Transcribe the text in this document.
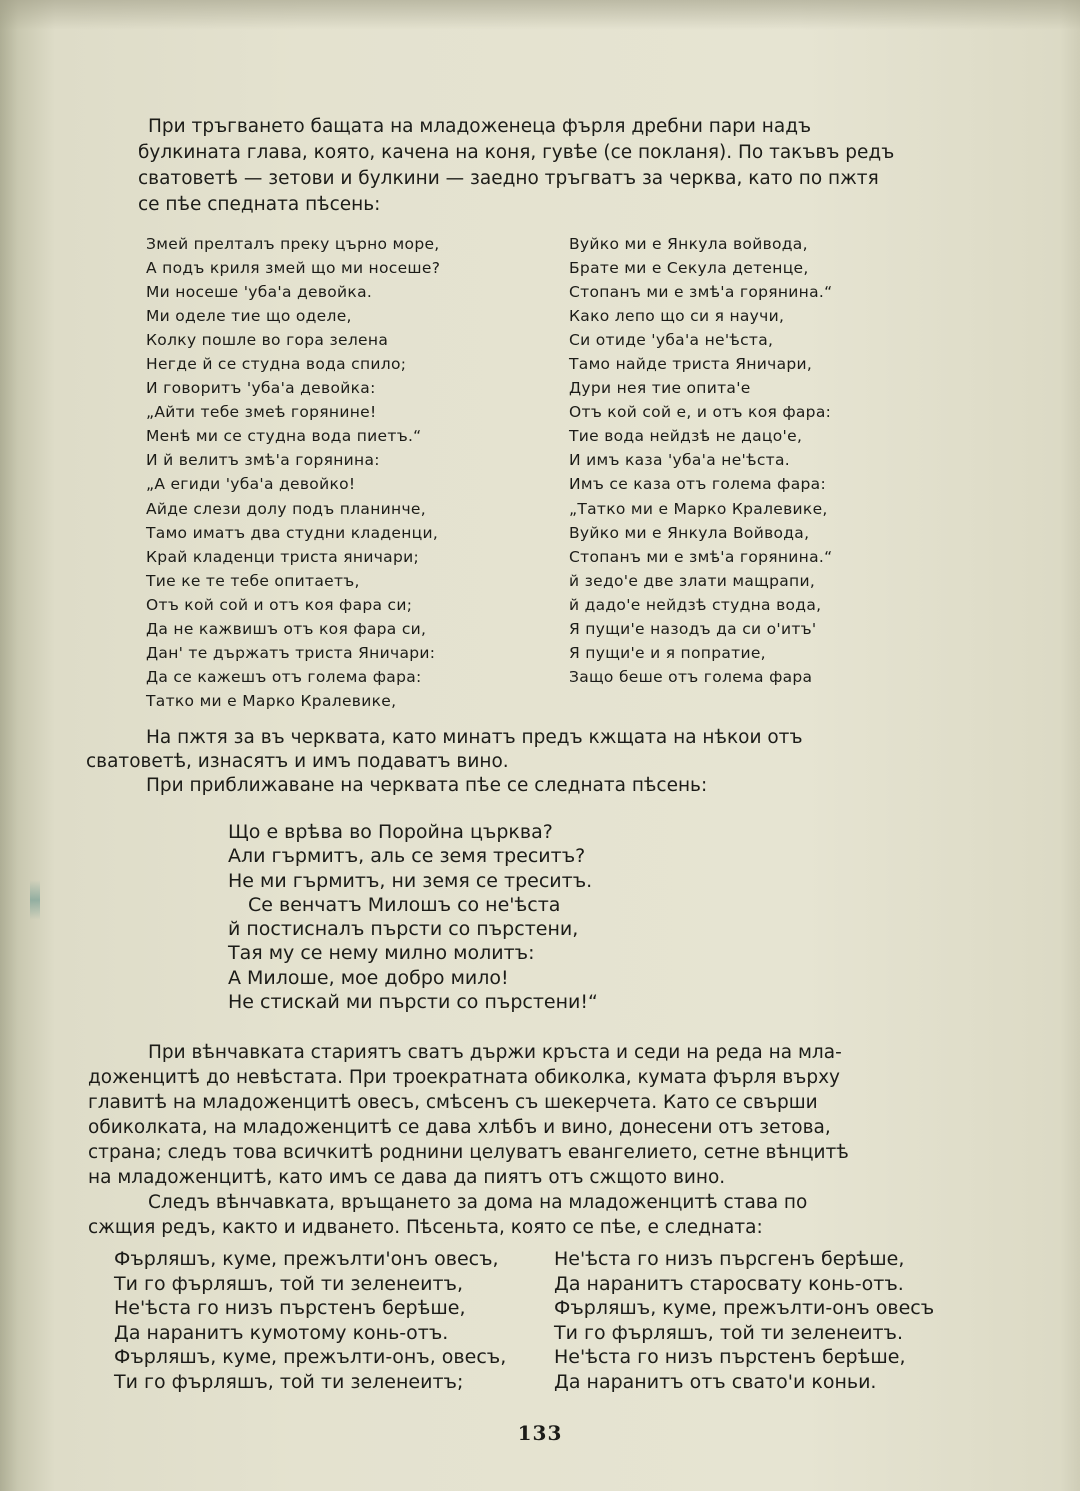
При тръгването бащата на младоженеца фърля дребни пари надъ
булкината глава, която, качена на коня, гувѣе (се покланя). По такъвъ редъ
сватоветѣ — зетови и булкини — заедно тръгватъ за черква, като по пжтя
се пѣе спедната пѣсень:
Змей прелталъ преку църно море,
А подъ криля змей що ми носеше?
Ми носеше 'уба'а девойка.
Ми оделе тие що оделе,
Колку пошле во гора зелена
Негде й се студна вода спило;
И говоритъ 'уба'а девойка:
„Айти тебе змеѣ горянине!
Менѣ ми се студна вода пиетъ.“
И й велитъ змѣ'а горянина:
„А егиди 'уба'а девойко!
Айде слези долу подъ планинче,
Тамо иматъ два студни кладенци,
Край кладенци триста яничари;
Тие ке те тебе опитаетъ,
Отъ кой сой и отъ коя фара си;
Да не кажвишъ отъ коя фара си,
Дан' те държатъ триста Яничари:
Да се кажешъ отъ голема фара:
Татко ми е Марко Кралевике,
Вуйко ми е Янкула войвода,
Брате ми е Секула детенце,
Стопанъ ми е змѣ'а горянина.“
Како лепо що си я научи,
Си отиде 'уба'а не'ѣста,
Тамо найде триста Яничари,
Дури нея тие опита'е
Отъ кой сой е, и отъ коя фара:
Тие вода нейдзѣ не дацо'е,
И имъ каза 'уба'а не'ѣста.
Имъ се каза отъ голема фара:
„Татко ми е Марко Кралевике,
Вуйко ми е Янкула Войвода,
Стопанъ ми е змѣ'а горянина.“
й зедо'е две злати мащрапи,
й дадо'е нейдзѣ студна вода,
Я пущи'е назодъ да си о'итъ'
Я пущи'е и я попратие,
Защо беше отъ голема фара
На пжтя за въ черквата, като минатъ предъ кжщата на нѣкои отъ
сватоветѣ, изнасятъ и имъ подаватъ вино.
При приближаване на черквата пѣе се следната пѣсень:
Що е врѣва во Поройна църква?
Али гърмитъ, аль се земя треситъ?
Не ми гърмитъ, ни земя се треситъ.
Се венчатъ Милошъ со не'ѣста
й постисналъ пърсти со пърстени,
Тая му се нему милно молитъ:
А Милоше, мое добро мило!
Не стискай ми пърсти со пърстени!“
При вѣнчавката стариятъ сватъ държи кръста и седи на реда на мла-
доженцитѣ до невѣстата. При троекратната обиколка, кумата фърля върху
главитѣ на младоженцитѣ овесъ, смѣсенъ съ шекерчета. Като се свърши
обиколката, на младоженцитѣ се дава хлѣбъ и вино, донесени отъ зетова,
страна; следъ това всичкитѣ роднини целуватъ евангелието, сетне вѣнцитѣ
на младоженцитѣ, като имъ се дава да пиятъ отъ сжщото вино.
Следъ вѣнчавката, връщането за дома на младоженцитѣ става по
сжщия редъ, както и идването. Пѣсеньта, която се пѣе, е следната:
Фърляшъ, куме, прежълти'онъ овесъ,
Ти го фърляшъ, той ти зеленеитъ,
Не'ѣста го низъ пърстенъ берѣше,
Да наранитъ кумотому конь-отъ.
Фърляшъ, куме, прежълти-онъ, овесъ,
Ти го фърляшъ, той ти зеленеитъ;
Не'ѣста го низъ пърсгенъ берѣше,
Да наранитъ старосвату конь-отъ.
Фърляшъ, куме, прежълти-онъ овесъ
Ти го фърляшъ, той ти зеленеитъ.
Не'ѣста го низъ пърстенъ берѣше,
Да наранитъ отъ свато'и коньи.
133
